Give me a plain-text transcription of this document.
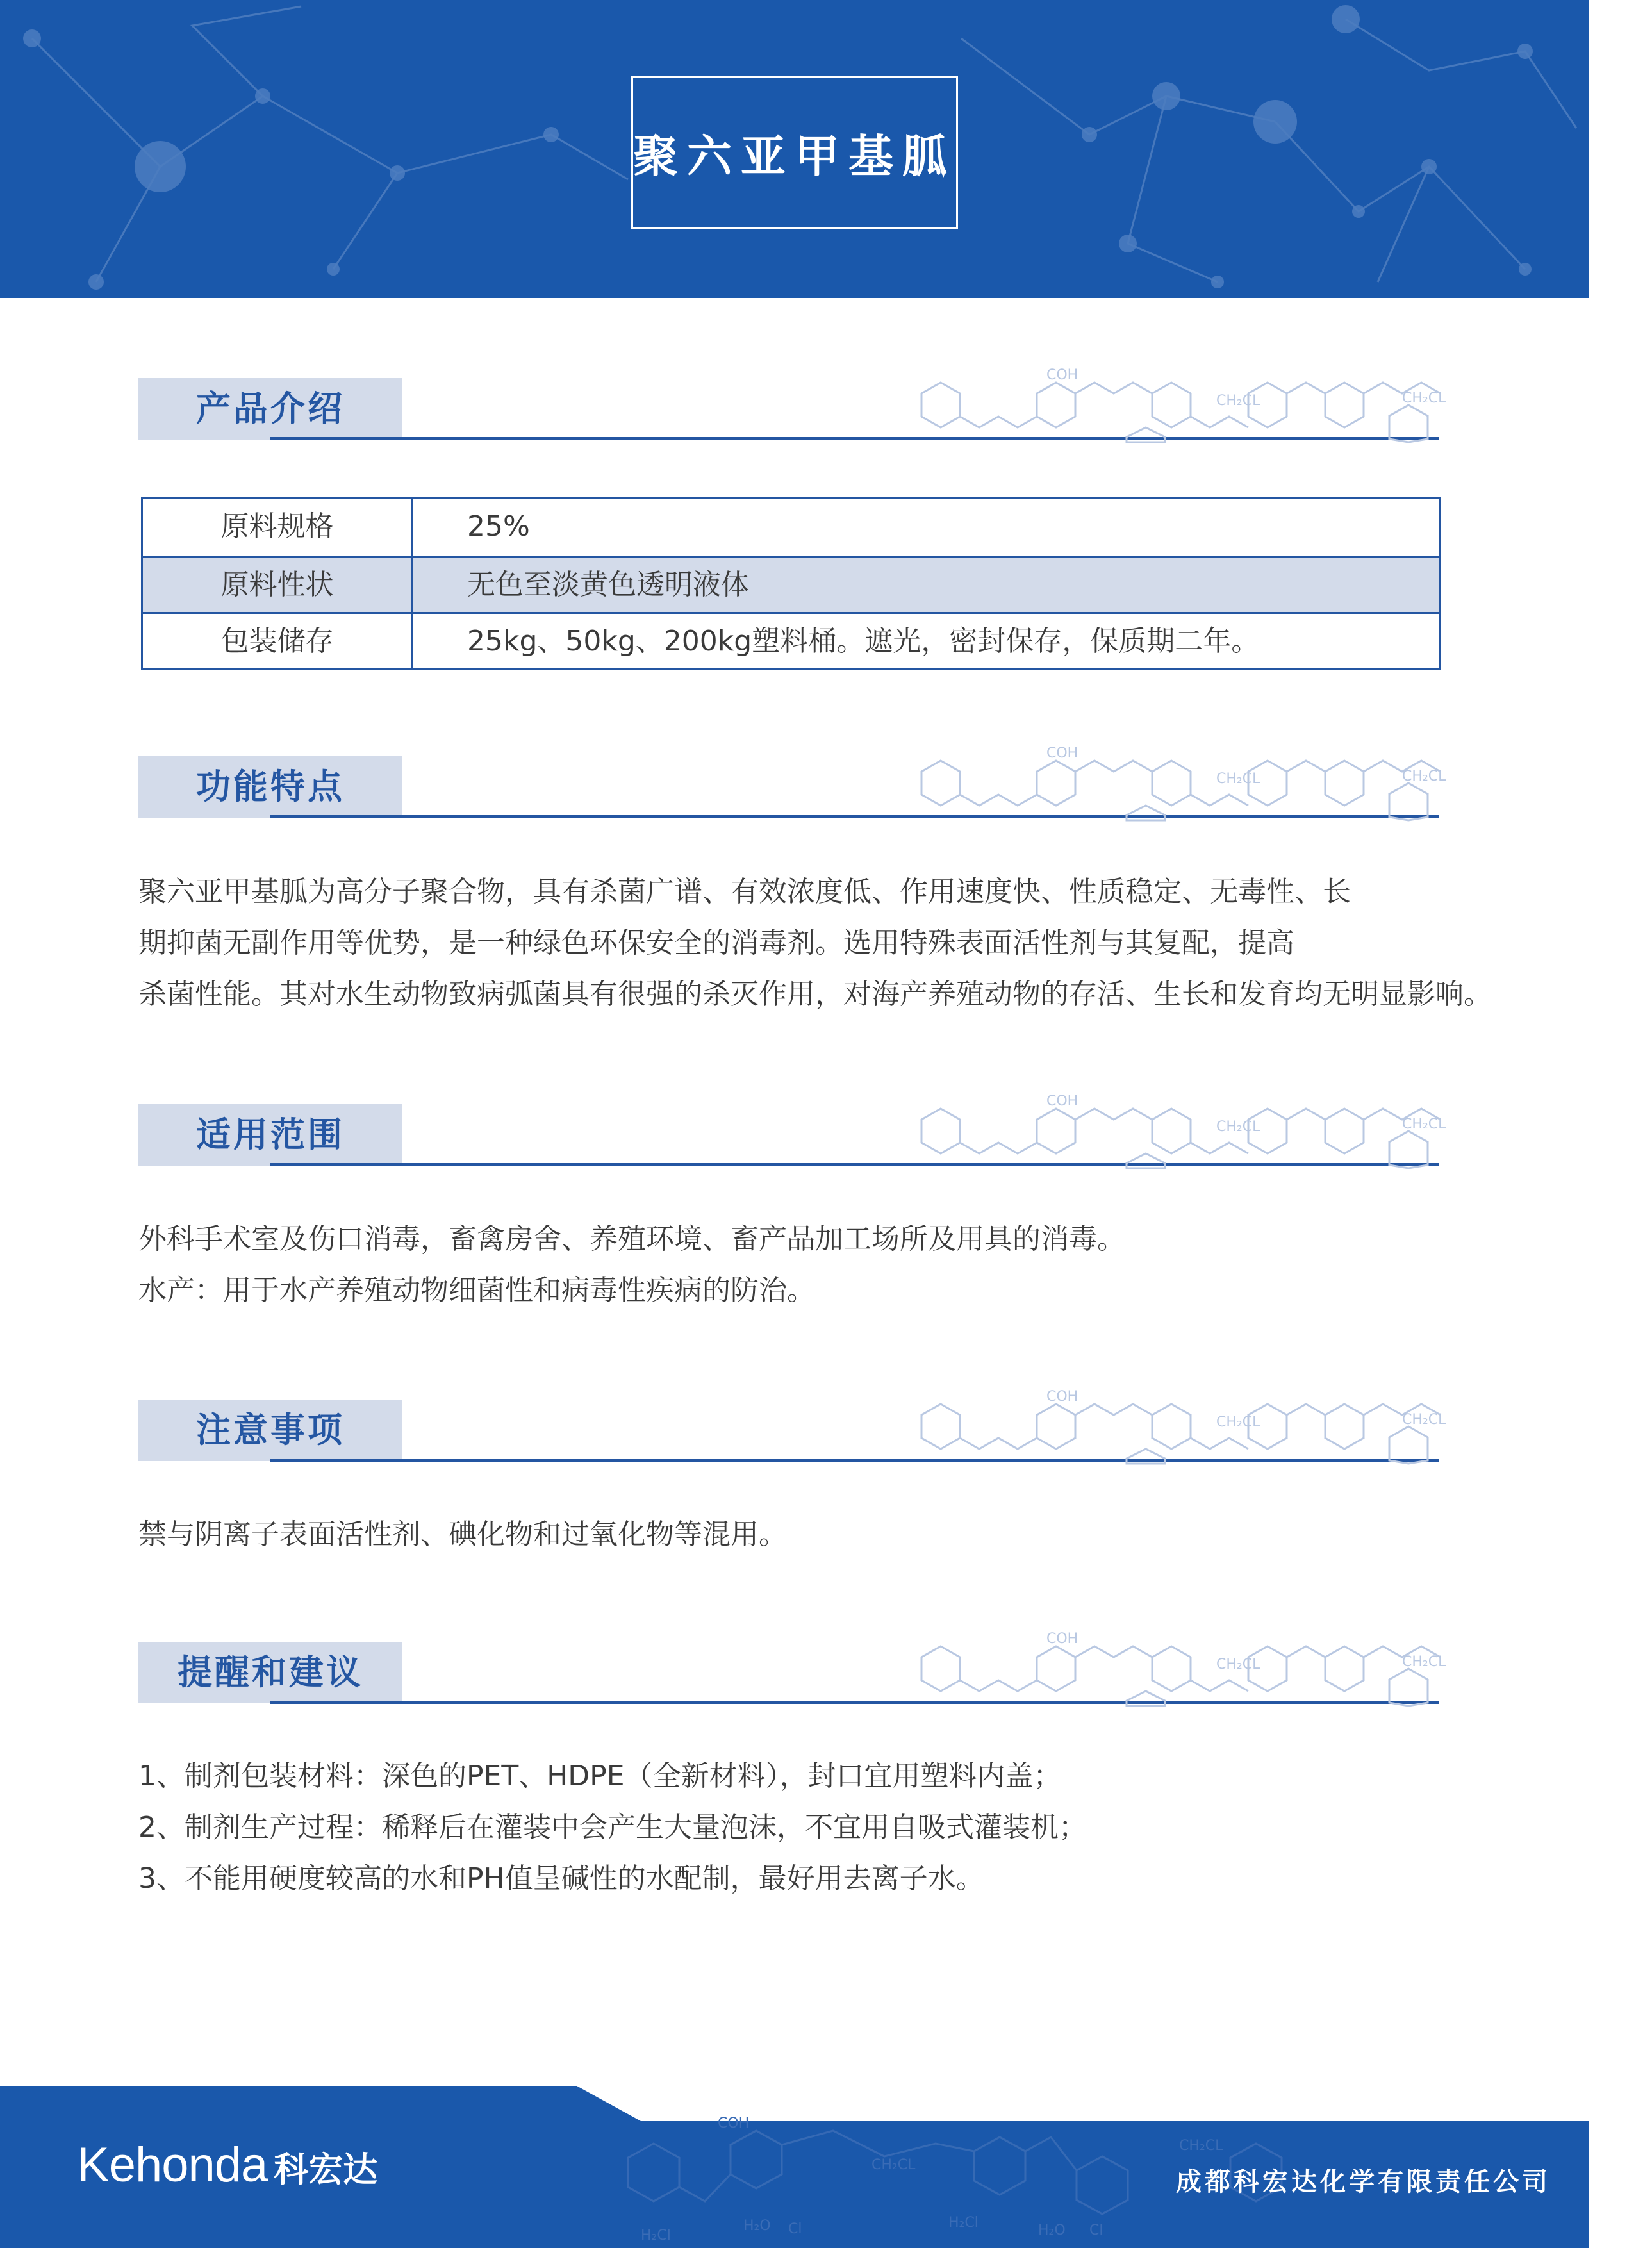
聚六亚甲基胍
产品介绍
COH
CH₂CL	CH₂CL
原料规格	25%
原料性状	无色至淡黄色透明液体
包装储存	25kg、50kg、200kg塑料桶。遮光，密封保存，保质期二年。
功能特点
COH
CH₂CL	CH₂CL
聚六亚甲基胍为高分子聚合物，具有杀菌广谱、有效浓度低、作用速度快、性质稳定、无毒性、长
期抑菌无副作用等优势，是一种绿色环保安全的消毒剂。选用特殊表面活性剂与其复配，提高
杀菌性能。其对水生动物致病弧菌具有很强的杀灭作用，对海产养殖动物的存活、生长和发育均无明显影响。
适用范围
COH
CH₂CL	CH₂CL
外科手术室及伤口消毒，畜禽房舍、养殖环境、畜产品加工场所及用具的消毒。
水产：用于水产养殖动物细菌性和病毒性疾病的防治。
注意事项
COH
CH₂CL	CH₂CL
禁与阴离子表面活性剂、碘化物和过氧化物等混用。
提醒和建议
COH
CH₂CL	CH₂CL
1、制剂包装材料：深色的PET、HDPE（全新材料），封口宜用塑料内盖；
2、制剂生产过程：稀释后在灌装中会产生大量泡沫，不宜用自吸式灌装机；
3、不能用硬度较高的水和PH值呈碱性的水配制，最好用去离子水。
COH
CH₂CL
CH₂CL
H₂O Cl
H₂Cl	H₂O Cl
H₂Cl
Kehonda 科宏达	成都科宏达化学有限责任公司
